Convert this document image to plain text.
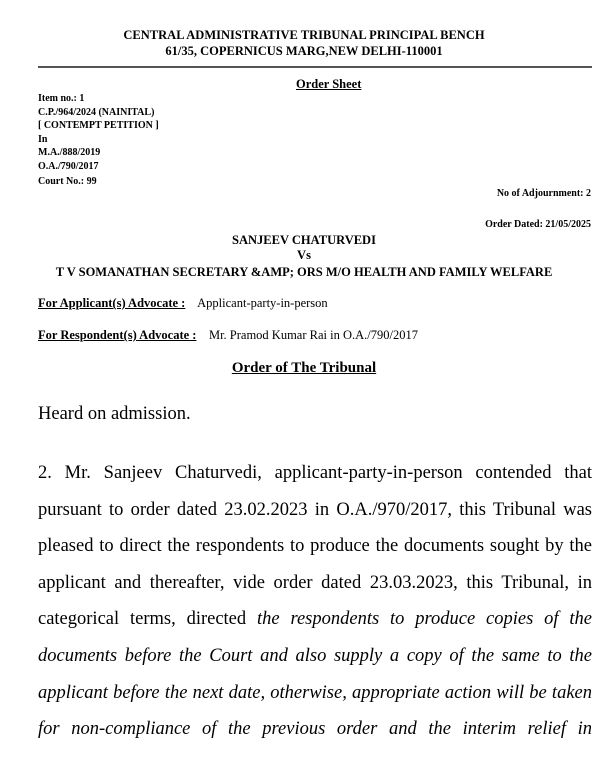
CENTRAL ADMINISTRATIVE TRIBUNAL PRINCIPAL BENCH
61/35, COPERNICUS MARG,NEW DELHI-110001
Order Sheet
Item no.: 1
C.P./964/2024 (NAINITAL)
[ CONTEMPT PETITION ]
In
M.A./888/2019
O.A./790/2017
Court No.: 99
No of Adjournment: 2
Order Dated: 21/05/2025
SANJEEV CHATURVEDI
Vs
T V SOMANATHAN SECRETARY &AMP; ORS M/O HEALTH AND FAMILY WELFARE
For Applicant(s) Advocate : Applicant-party-in-person
For Respondent(s) Advocate : Mr. Pramod Kumar Rai in O.A./790/2017
Order of The Tribunal
Heard on admission.

2. Mr. Sanjeev Chaturvedi, applicant-party-in-person contended that pursuant to order dated 23.02.2023 in O.A./970/2017, this Tribunal was pleased to direct the respondents to produce the documents sought by the applicant and thereafter, vide order dated 23.03.2023, this Tribunal, in categorical terms, directed the respondents to produce copies of the documents before the Court and also supply a copy of the same to the applicant before the next date, otherwise, appropriate action will be taken for non-compliance of the previous order and the interim relief in
